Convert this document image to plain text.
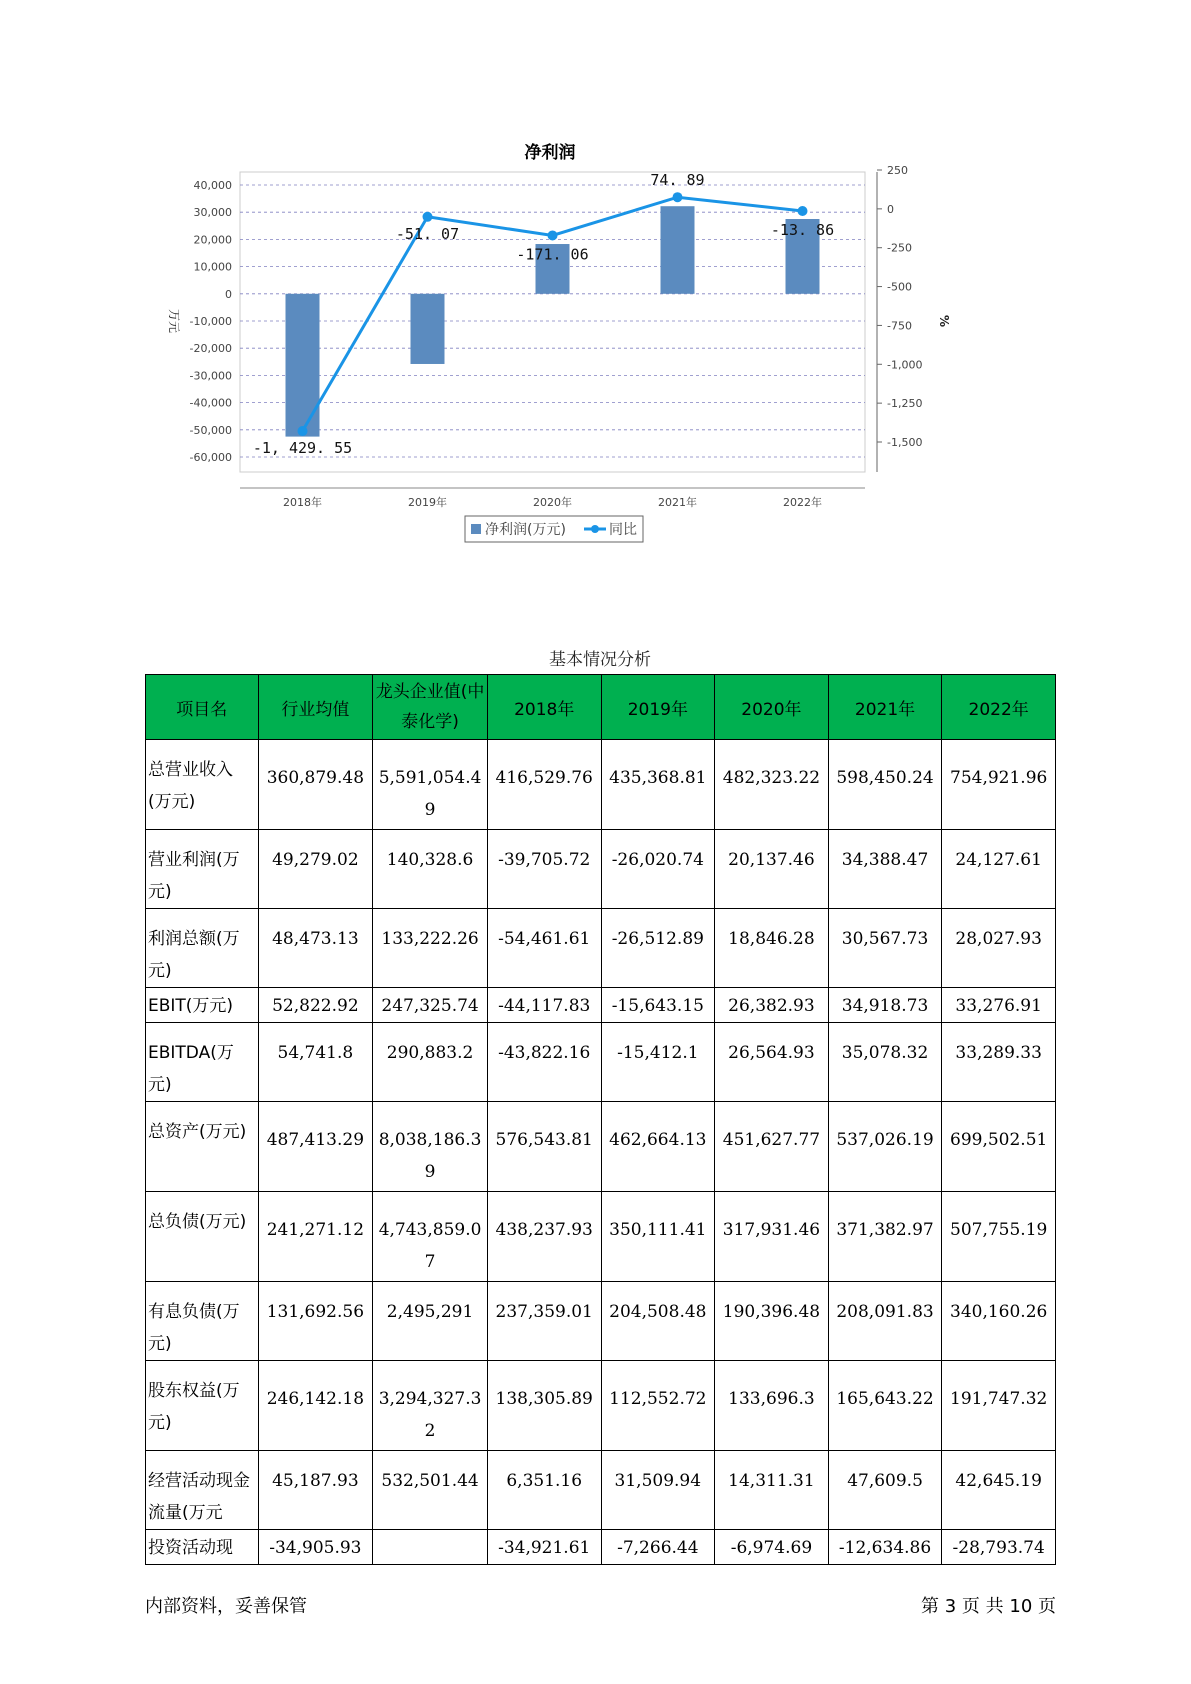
净利润
40,000
30,000
20,000
10,000
0
-10,000
-20,000
-30,000
-40,000
-50,000
-60,000
250
0
-250
-500
-750
-1,000
-1,250
-1,500
万元	%
2018年	2019年	2020年	2021年	2022年
-1, 429. 55
-51. 07
-171. 06
74. 89
-13. 86
净利润(万元)	同比
基本情况分析
项目名	行业均值	龙头企业值(中泰化学)	2018年	2019年	2020年	2021年	2022年
总营业收入(万元)	360,879.48	5,591,054.49	416,529.76	435,368.81	482,323.22	598,450.24	754,921.96
营业利润(万元)	49,279.02	140,328.6	-39,705.72	-26,020.74	20,137.46	34,388.47	24,127.61
利润总额(万元)	48,473.13	133,222.26	-54,461.61	-26,512.89	18,846.28	30,567.73	28,027.93
EBIT(万元)	52,822.92	247,325.74	-44,117.83	-15,643.15	26,382.93	34,918.73	33,276.91
EBITDA(万元)	54,741.8	290,883.2	-43,822.16	-15,412.1	26,564.93	35,078.32	33,289.33
总资产(万元)	487,413.29	8,038,186.39	576,543.81	462,664.13	451,627.77	537,026.19	699,502.51
总负债(万元)	241,271.12	4,743,859.07	438,237.93	350,111.41	317,931.46	371,382.97	507,755.19
有息负债(万元)	131,692.56	2,495,291	237,359.01	204,508.48	190,396.48	208,091.83	340,160.26
股东权益(万元)	246,142.18	3,294,327.32	138,305.89	112,552.72	133,696.3	165,643.22	191,747.32
经营活动现金流量(万元	45,187.93	532,501.44	6,351.16	31,509.94	14,311.31	47,609.5	42,645.19
投资活动现	-34,905.93		-34,921.61	-7,266.44	-6,974.69	-12,634.86	-28,793.74
内部资料，妥善保管	第 3 页 共 10 页
